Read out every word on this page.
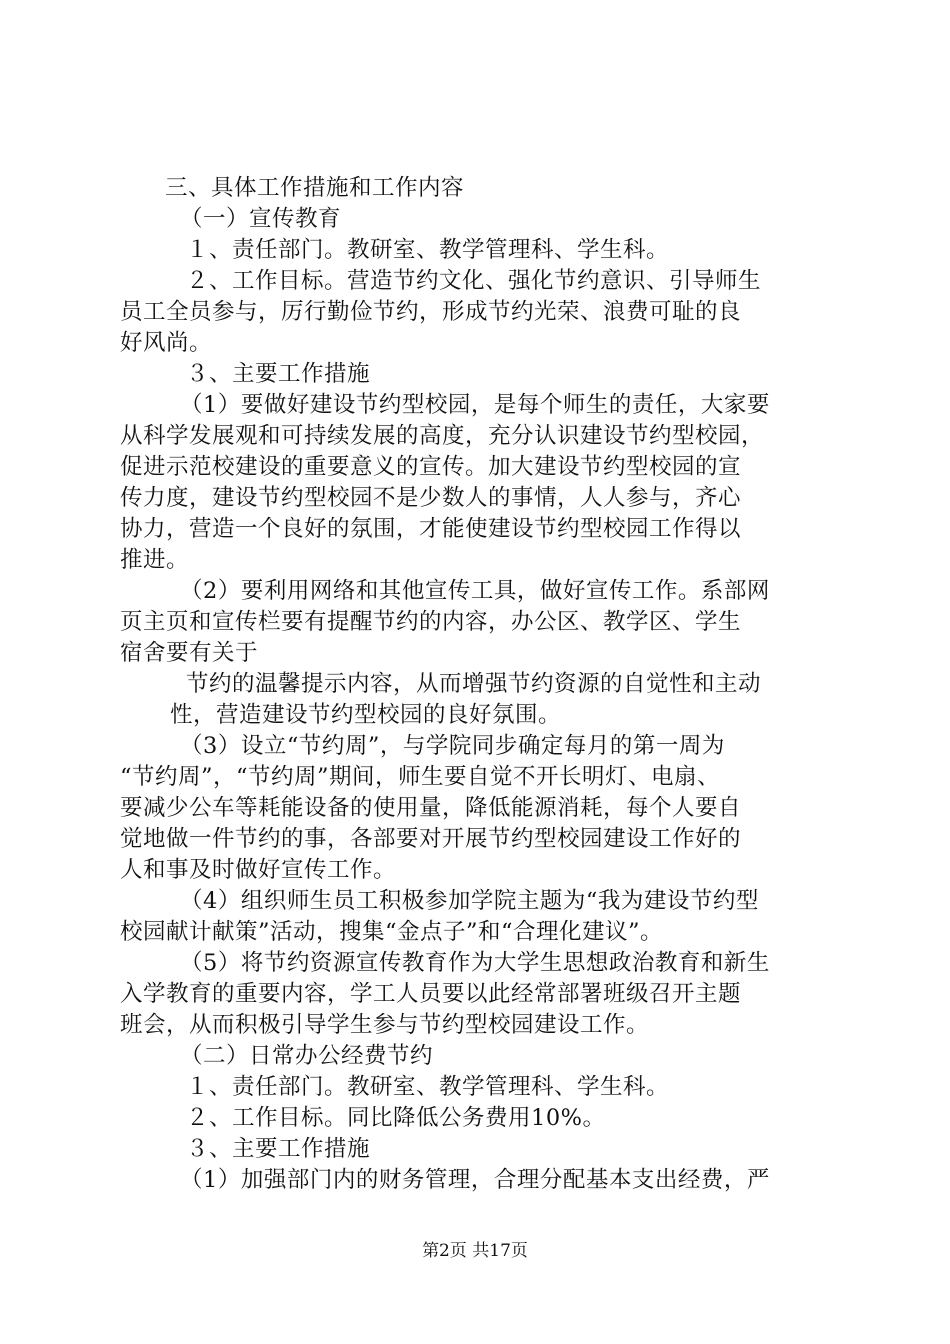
三、具体工作措施和工作内容
（一）宣传教育
１、责任部门。教研室、教学管理科、学生科。
２、工作目标。营造节约文化、强化节约意识、引导师生
员工全员参与，厉行勤俭节约，形成节约光荣、浪费可耻的良
好风尚。
３、主要工作措施
（1）要做好建设节约型校园，是每个师生的责任，大家要
从科学发展观和可持续发展的高度，充分认识建设节约型校园，
促进示范校建设的重要意义的宣传。加大建设节约型校园的宣
传力度，建设节约型校园不是少数人的事情，人人参与，齐心
协力，营造一个良好的氛围，才能使建设节约型校园工作得以
推进。
（2）要利用网络和其他宣传工具，做好宣传工作。系部网
页主页和宣传栏要有提醒节约的内容，办公区、教学区、学生
宿舍要有关于
节约的温馨提示内容，从而增强节约资源的自觉性和主动
性，营造建设节约型校园的良好氛围。
（3）设立“节约周”，与学院同步确定每月的第一周为
“节约周”，“节约周”期间，师生要自觉不开长明灯、电扇、
要减少公车等耗能设备的使用量，降低能源消耗，每个人要自
觉地做一件节约的事，各部要对开展节约型校园建设工作好的
人和事及时做好宣传工作。
（4）组织师生员工积极参加学院主题为“我为建设节约型
校园献计献策”活动，搜集“金点子”和“合理化建议”。
（5）将节约资源宣传教育作为大学生思想政治教育和新生
入学教育的重要内容，学工人员要以此经常部署班级召开主题
班会，从而积极引导学生参与节约型校园建设工作。
（二）日常办公经费节约
１、责任部门。教研室、教学管理科、学生科。
２、工作目标。同比降低公务费用10%。
３、主要工作措施
（1）加强部门内的财务管理，合理分配基本支出经费，严
第2页 共17页
